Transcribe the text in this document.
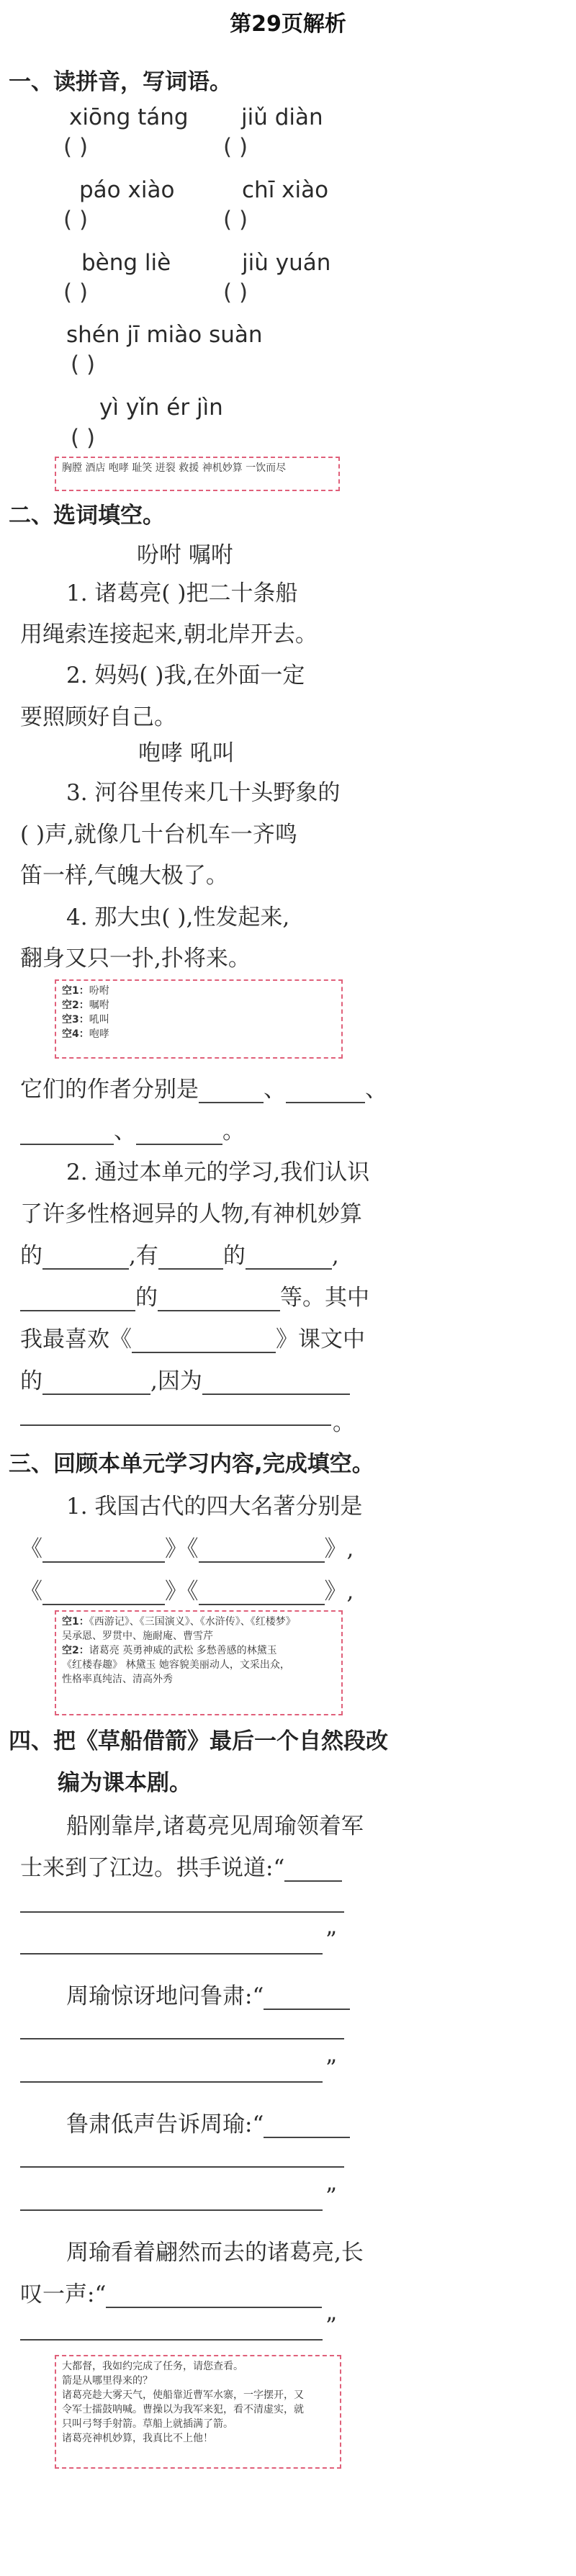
第29页解析
一、读拼音，写词语。
xiōng táng jiǔ diàn
( )	( )
páo xiào	chī xiào
( )	( )
bèng liè	jiù yuán
( )	( )
shén jī miào suàn
( )
yì yǐn ér jìn
( )
胸膛 酒店 咆哮 耻笑 迸裂 救援 神机妙算 一饮而尽
二、选词填空。
吩咐 嘱咐
1. 诸葛亮( )把二十条船
用绳索连接起来,朝北岸开去。
2. 妈妈( )我,在外面一定
要照顾好自己。
咆哮 吼叫
3. 河谷里传来几十头野象的
( )声,就像几十台机车一齐鸣
笛一样,气魄大极了。
4. 那大虫( ),性发起来,
翻身又只一扑,扑将来。
空1：吩咐
空2：嘱咐
空3：吼叫
空4：咆哮
它们的作者分别是	、	、
、	。
2. 通过本单元的学习,我们认识
了许多性格迥异的人物,有神机妙算
的	,有	的	,
的	等。其中
我最喜欢《	》课文中
的	,因为
。
三、回顾本单元学习内容,完成填空。
1. 我国古代的四大名著分别是
《	》《	》,
《	》《	》,
空1：《西游记》、《三国演义》、《水浒传》、《红楼梦》
吴承恩、罗贯中、施耐庵、曹雪芹
空2：诸葛亮 英勇神威的武松 多愁善感的林黛玉
《红楼春趣》 林黛玉 她容貌美丽动人，文采出众，
性格率真纯洁、清高外秀
四、把《草船借箭》最后一个自然段改
编为课本剧。
船刚靠岸,诸葛亮见周瑜领着军
士来到了江边。拱手说道:“
”
周瑜惊讶地问鲁肃:“
”
鲁肃低声告诉周瑜:“
”
周瑜看着翩然而去的诸葛亮,长
叹一声:“
”
大都督，我如约完成了任务，请您查看。
箭是从哪里得来的？
诸葛亮趁大雾天气，使船靠近曹军水寨，一字摆开，又
令军士擂鼓呐喊。曹操以为我军来犯，看不清虚实，就
只叫弓弩手射箭。草船上就插满了箭。
诸葛亮神机妙算，我真比不上他！
